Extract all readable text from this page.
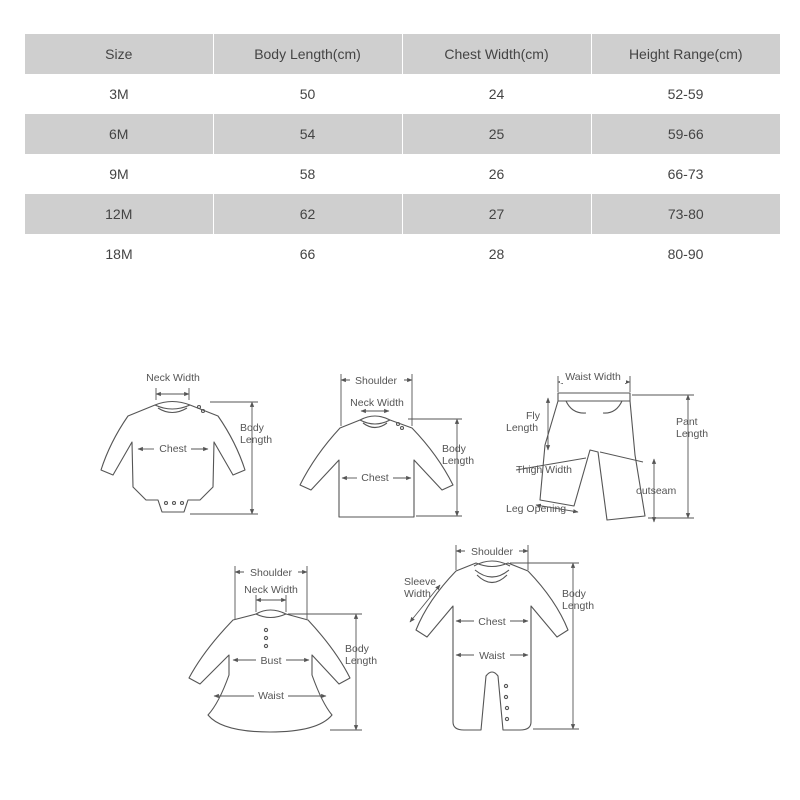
Size	Body Length(cm)	Chest Width(cm)	Height Range(cm)
3M	50	24	52-59
6M	54	25	59-66
9M	58	26	66-73
12M	62	27	73-80
18M	66	28	80-90
Neck Width
Chest
Body
Length
Shoulder
Neck Width
Chest
Body
Length
Waist Width
Fly
Length	Pant
Length
Thigh Width
outseam
Leg Opening
Shoulder
Neck Width
Bust
Waist
Body
Length
Shoulder
Sleeve
Width
Chest
Waist
Body
Length
